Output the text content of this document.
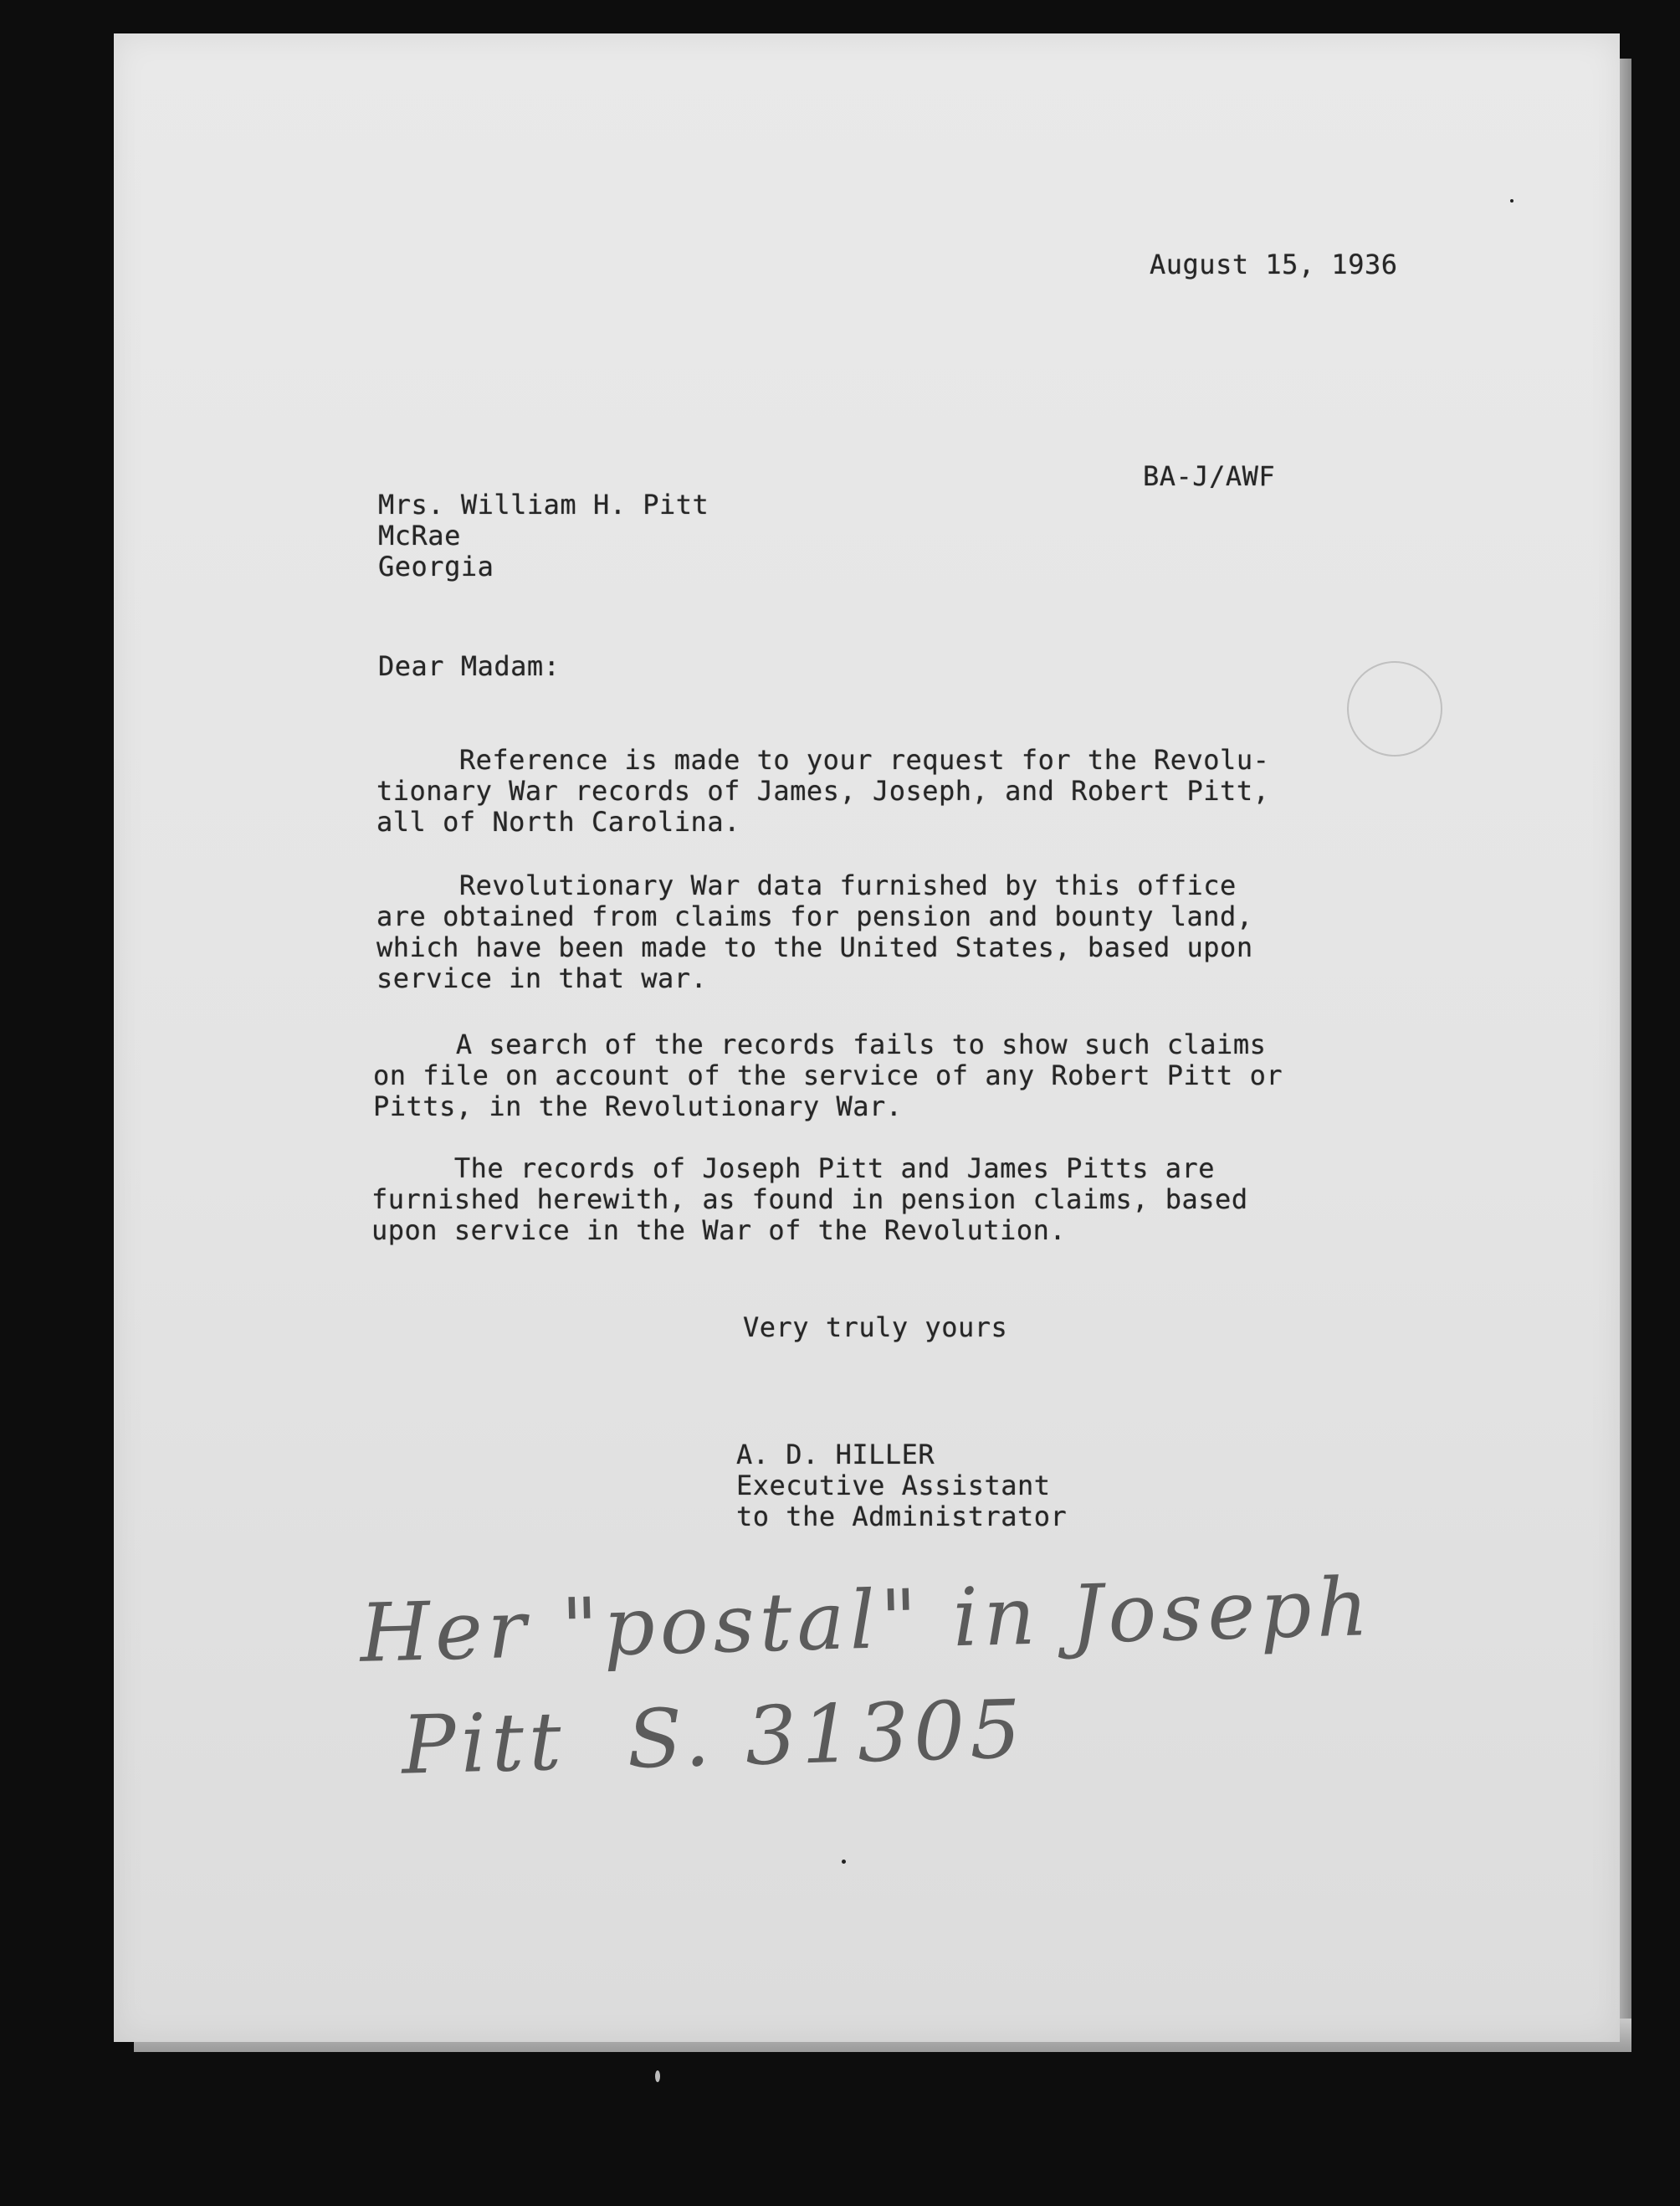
August 15, 1936
BA-J/AWF
Mrs. William H. Pitt
McRae
Georgia
Dear Madam:
Reference is made to your request for the Revolu-
tionary War records of James, Joseph, and Robert Pitt,
all of North Carolina.
Revolutionary War data furnished by this office
are obtained from claims for pension and bounty land,
which have been made to the United States, based upon
service in that war.
A search of the records fails to show such claims
on file on account of the service of any Robert Pitt or
Pitts, in the Revolutionary War.
The records of Joseph Pitt and James Pitts are
furnished herewith, as found in pension claims, based
upon service in the War of the Revolution.
Very truly yours
A. D. HILLER
Executive Assistant
to the Administrator
Her "postal" in Joseph
Pitt  S. 31305
